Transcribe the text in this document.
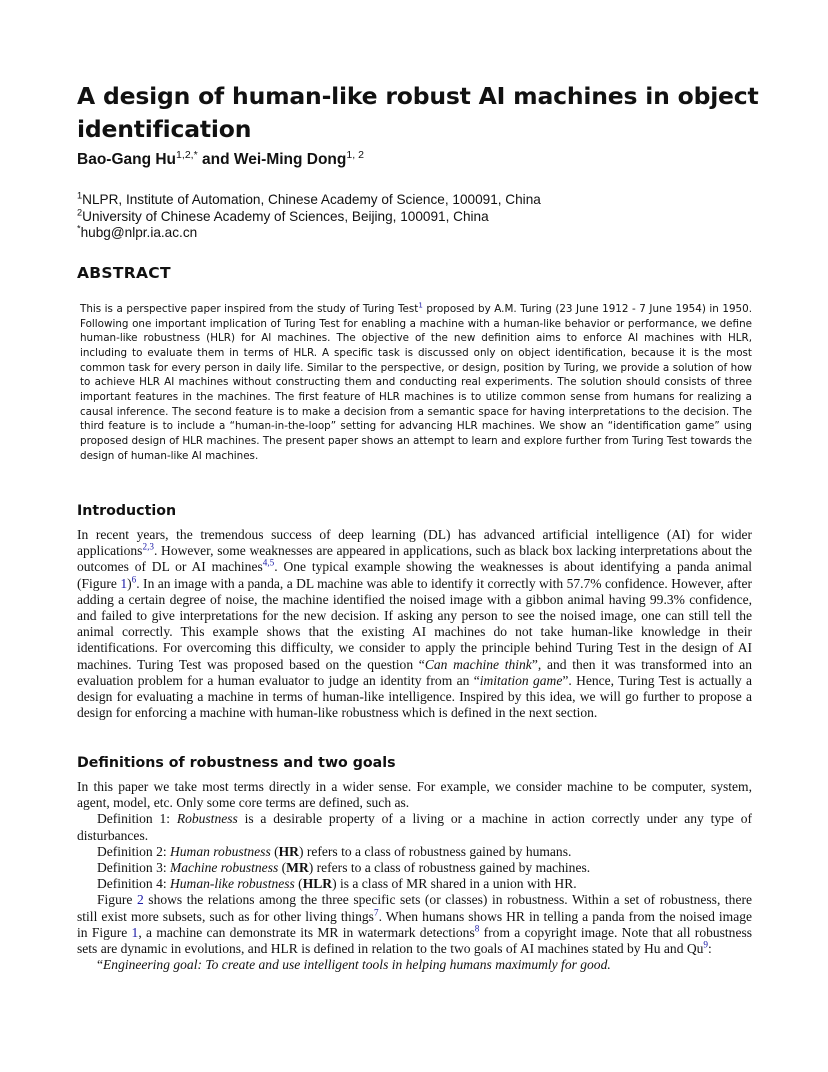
A design of human-like robust AI machines in object identification
Bao-Gang $Hu^{1,2,*}$ and Wei-Ming Dong$^{1, 2}$
$^1$NLPR, Institute of Automation, Chinese Academy of Science, 100091, China
$^2$University of Chinese Academy of Sciences, Beijing, 100091, China
*hubg@nlpr.ia.ac.cn
ABSTRACT
This is a perspective paper inspired from the study of Turing Test$^1$ proposed by A.M. Turing (23 June 1912 - 7 June 1954) in 1950. Following one important implication of Turing Test for enabling a machine with a human-like behavior or performance, we define human-like robustness (HLR) for AI machines. The objective of the new definition aims to enforce AI machines with HLR, including to evaluate them in terms of HLR. A specific task is discussed only on object identification, because it is the most common task for every person in daily life. Similar to the perspective, or design, position by Turing, we provide a solution of how to achieve HLR AI machines without constructing them and conducting real experiments. The solution should consists of three important features in the machines. The first feature of HLR machines is to utilize common sense from humans for realizing a causal inference. The second feature is to make a decision from a semantic space for having interpretations to the decision. The third feature is to include a “human-in-the-loop” setting for advancing HLR machines. We show an “identification game” using proposed design of HLR machines. The present paper shows an attempt to learn and explore further from Turing Test towards the design of human-like AI machines.
Introduction
In recent years, the tremendous success of deep learning (DL) has advanced artificial intelligence (AI) for wider applications$^{2,3}$. However, some weaknesses are appeared in applications, such as black box lacking interpretations about the outcomes of DL or AI machines$^{4,5}$. One typical example showing the weaknesses is about identifying a panda animal (Figure 1)$^6$. In an image with a panda, a DL machine was able to identify it correctly with 57.7% confidence. However, after adding a certain degree of noise, the machine identified the noised image with a gibbon animal having 99.3% confidence, and failed to give interpretations for the new decision. If asking any person to see the noised image, one can still tell the animal correctly. This example shows that the existing AI machines do not take human-like knowledge in their identifications. For overcoming this difficulty, we consider to apply the principle behind Turing Test in the design of AI machines. Turing Test was proposed based on the question “Can machine think”, and then it was transformed into an evaluation problem for a human evaluator to judge an identity from an “imitation game”. Hence, Turing Test is actually a design for evaluating a machine in terms of human-like intelligence. Inspired by this idea, we will go further to propose a design for enforcing a machine with human-like robustness which is defined in the next section.
Definitions of robustness and two goals

In this paper we take most terms directly in a wider sense. For example, we consider machine to be computer, system, agent, model, etc. Only some core terms are defined, such as.

Definition 1: Robustness is a desirable property of a living or a machine in action correctly under any type of disturbances.

Definition 2: Human robustness (HR) refers to a class of robustness gained by humans.

Definition 3: Machine robustness (MR) refers to a class of robustness gained by machines.

Definition 4: Human-like robustness (HLR) is a class of MR shared in a union with HR.

Figure 2 shows the relations among the three specific sets (or classes) in robustness. Within a set of robustness, there still exist more subsets, such as for other living things$^7$. When humans shows HR in telling a panda from the noised image in Figure 1, a machine can demonstrate its MR in watermark detections$^8$ from a copyright image. Note that all robustness sets are dynamic in evolutions, and HLR is defined in relation to the two goals of AI machines stated by Hu and Qu$^9$:

“Engineering goal: To create and use intelligent tools in helping humans maximumly for good.
